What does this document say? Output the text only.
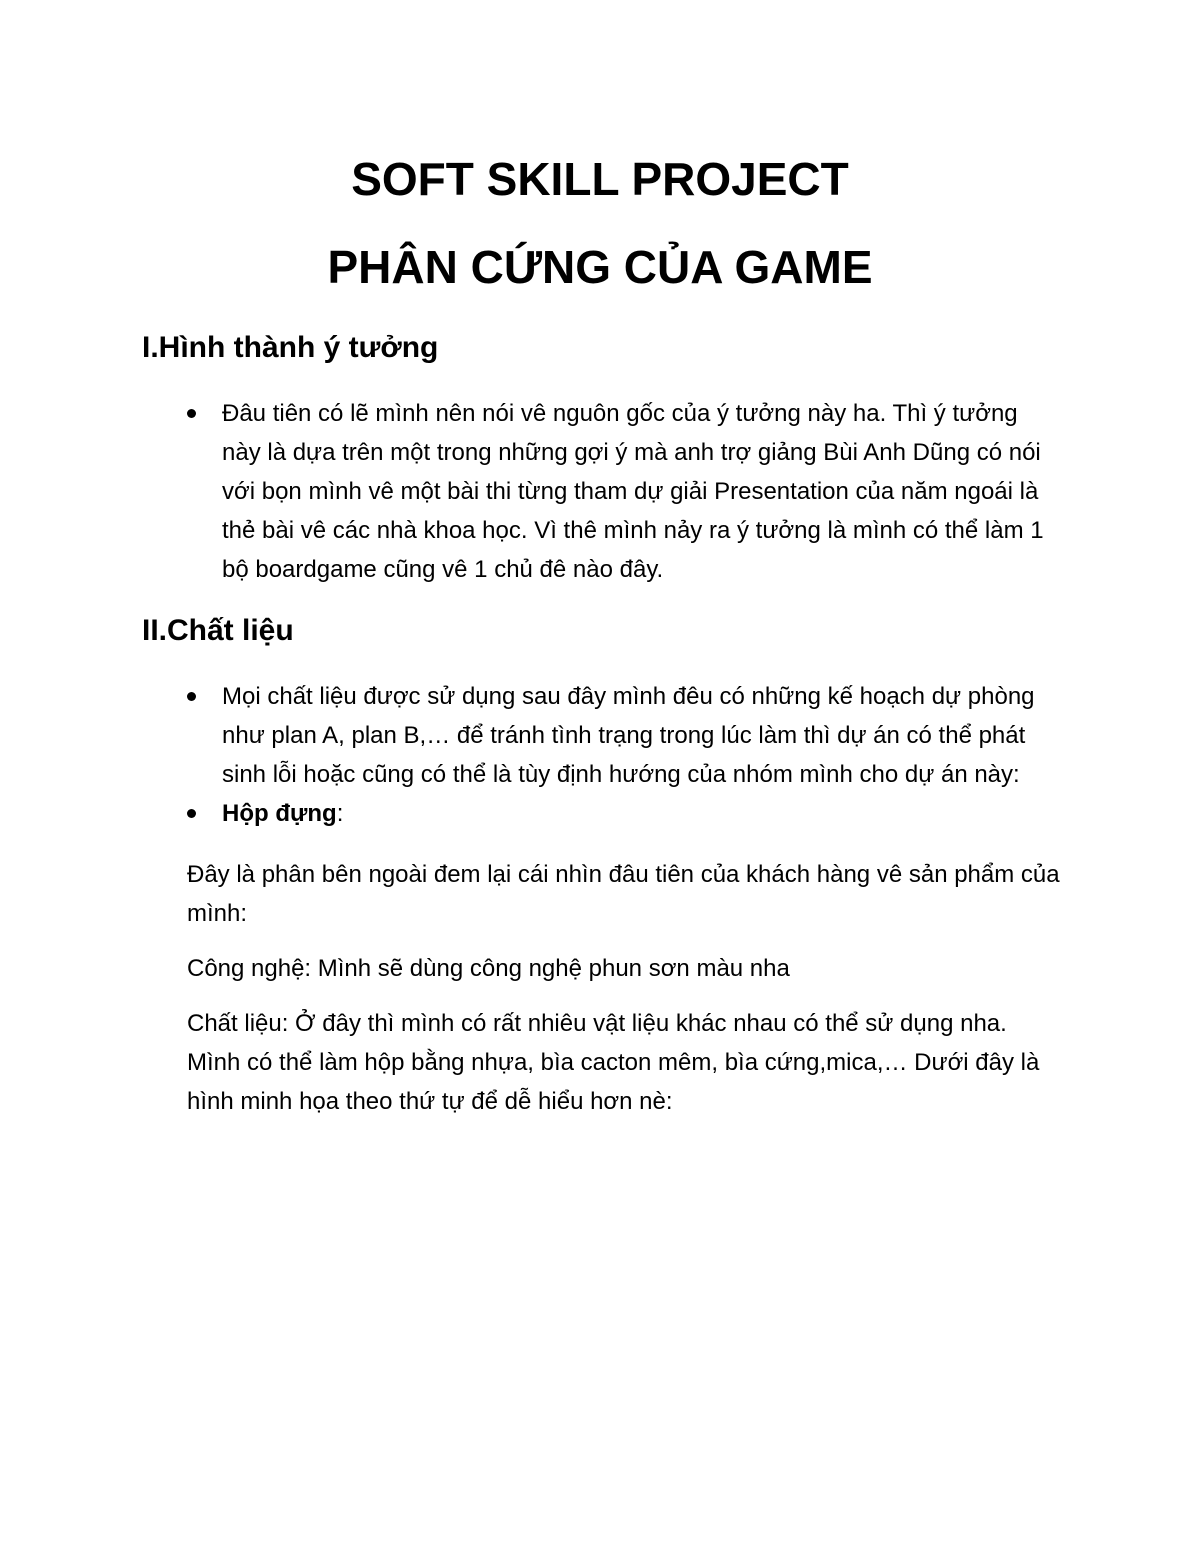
SOFT SKILL PROJECT
PHÂN CỨNG CỦA GAME
I.Hình thành ý tưởng
Đâu tiên có lẽ mình nên nói vê nguôn gốc của ý tưởng này ha. Thì ý tưởng này là dựa trên một trong những gợi ý mà anh trợ giảng Bùi Anh Dũng có nói với bọn mình vê một bài thi từng tham dự giải Presentation của năm ngoái là thẻ bài vê các nhà khoa học. Vì thê mình nảy ra ý tưởng là mình có thể làm 1 bộ boardgame cũng vê 1 chủ đê nào đây.
II.Chất liệu
Mọi chất liệu được sử dụng sau đây mình đêu có những kế hoạch dự phòng như plan A, plan B,… để tránh tình trạng trong lúc làm thì dự án có thể phát sinh lỗi hoặc cũng có thể là tùy định hướng của nhóm mình cho dự án này:
Hộp đựng:

Đây là phân bên ngoài đem lại cái nhìn đâu tiên của khách hàng vê sản phẩm của mình:

Công nghệ: Mình sẽ dùng công nghệ phun sơn màu nha

Chất liệu: Ở đây thì mình có rất nhiêu vật liệu khác nhau có thể sử dụng nha. Mình có thể làm hộp bằng nhựa, bìa cacton mêm, bìa cứng,mica,… Dưới đây là hình minh họa theo thứ tự để dễ hiểu hơn nè:
